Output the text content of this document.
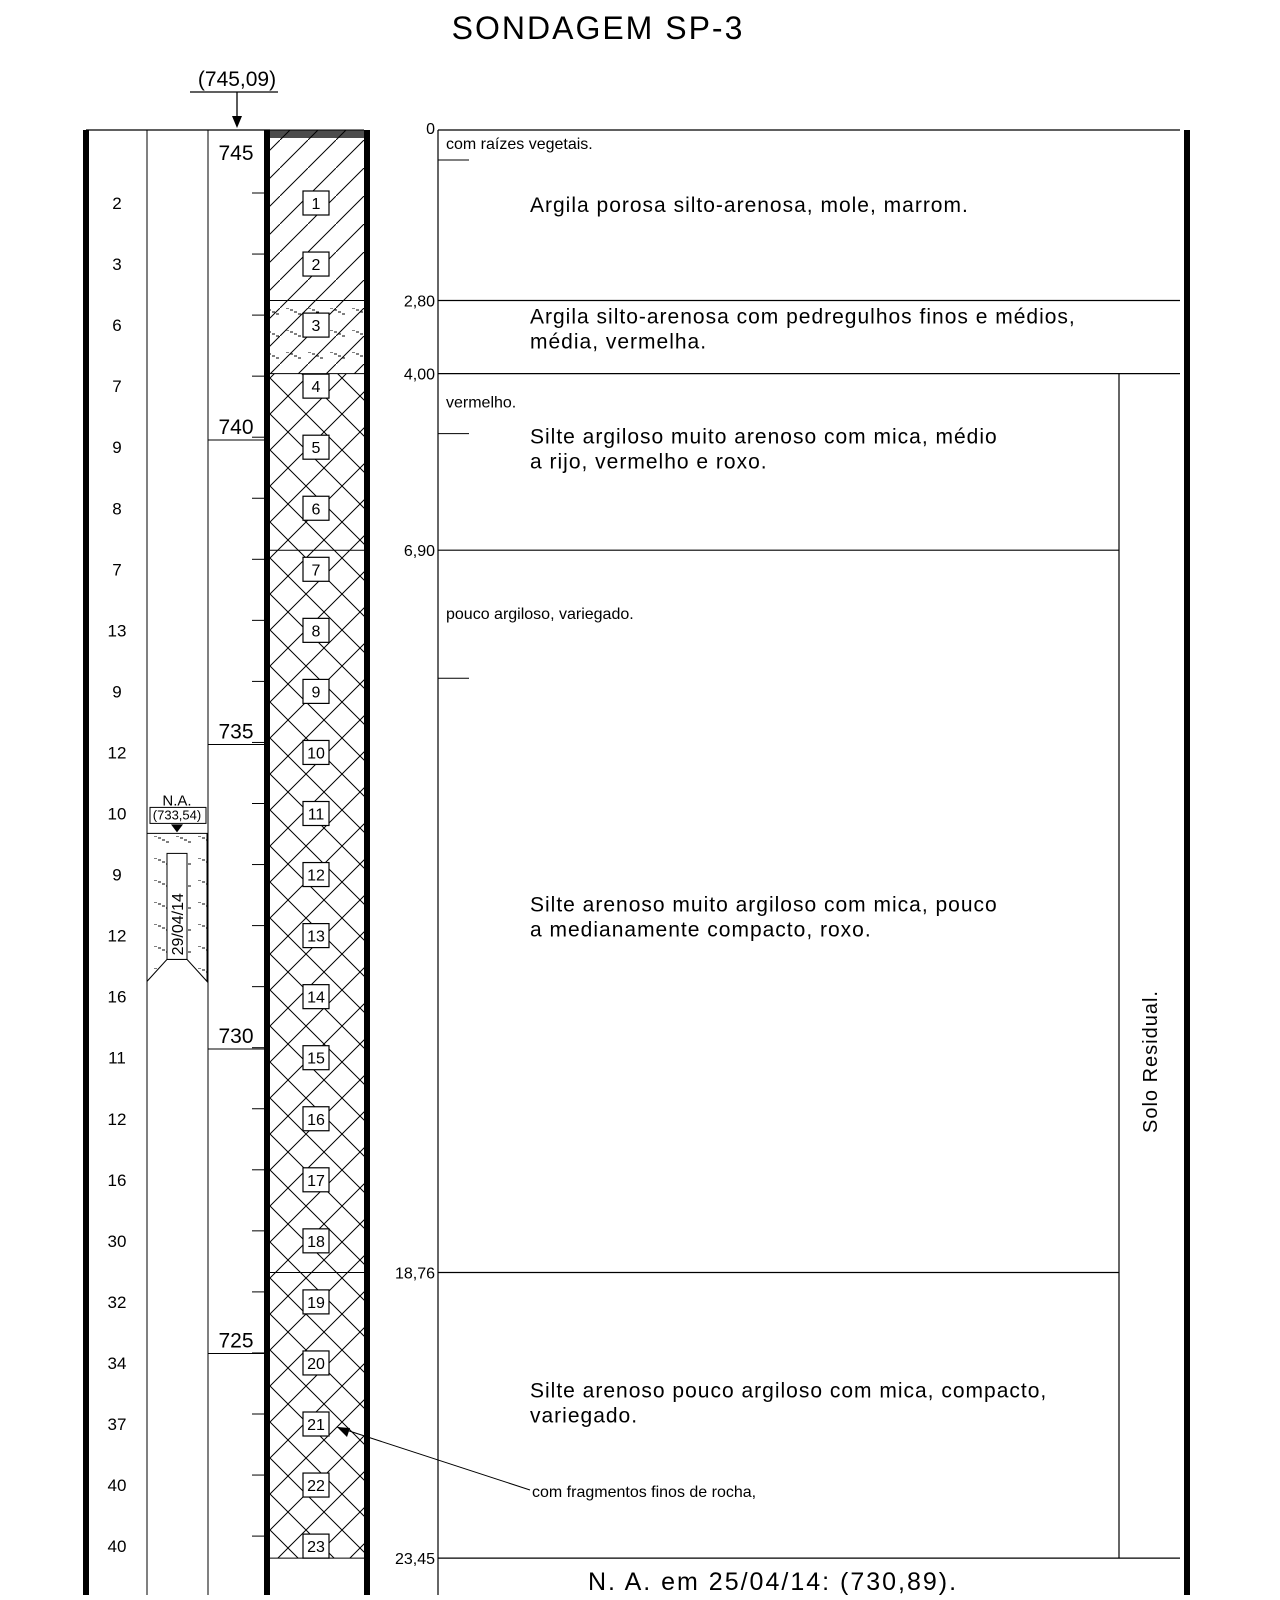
SONDAGEM SP-3
(745,09)
2
3
6
7
9
8
7
13
9
12
10
9
12
16
11
12
16
30
32
34
37
40
40
745
740
735
730
725
N.A.
(733,54)
29/04/14
1
2
3
4
5
6
7
8
9
10
11
12
13
14
15
16
17
18
19
20
21
22
23
0
com raízes vegetais.
Argila porosa silto-arenosa, mole, marrom.
2,80
Argila silto-arenosa com pedregulhos finos e médios,
média, vermelha.
4,00
vermelho.
Silte argiloso muito arenoso com mica, médio
a rijo, vermelho e roxo.
6,90
pouco argiloso, variegado.
Silte arenoso muito argiloso com mica, pouco
a medianamente compacto, roxo.
18,76
Silte arenoso pouco argiloso com mica, compacto,
variegado.
23,45
Solo Residual.
com fragmentos finos de rocha,
N. A. em 25/04/14: (730,89).
